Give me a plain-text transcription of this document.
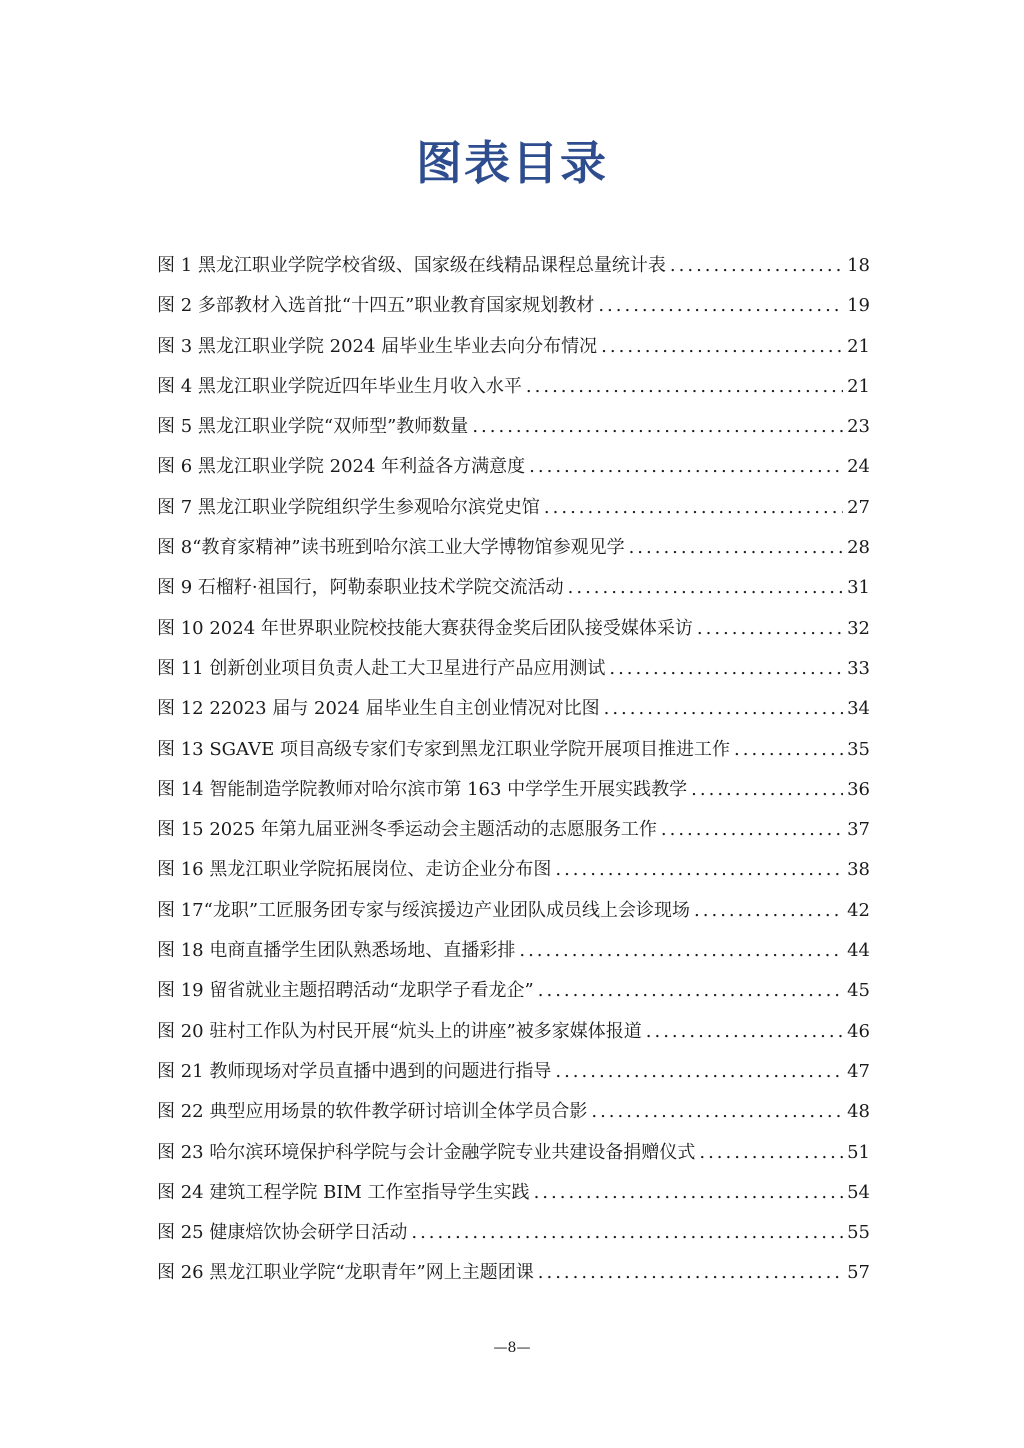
图表目录
图 1 黑龙江职业学院学校省级、国家级在线精品课程总量统计表 .....	18
图 2 多部教材入选首批“十四五”职业教育国家规划教材 .....	19
图 3 黑龙江职业学院 2024 届毕业生毕业去向分布情况 .....	21
图 4 黑龙江职业学院近四年毕业生月收入水平 .....	21
图 5 黑龙江职业学院“双师型”教师数量 .....	23
图 6 黑龙江职业学院 2024 年利益各方满意度 .....	24
图 7 黑龙江职业学院组织学生参观哈尔滨党史馆 .....	27
图 8“教育家精神”读书班到哈尔滨工业大学博物馆参观见学 .....	28
图 9 石榴籽·祖国行，阿勒泰职业技术学院交流活动 .....	31
图 10 2024 年世界职业院校技能大赛获得金奖后团队接受媒体采访 .....	32
图 11 创新创业项目负责人赴工大卫星进行产品应用测试 .....	33
图 12 22023 届与 2024 届毕业生自主创业情况对比图 .....	34
图 13 SGAVE 项目高级专家们专家到黑龙江职业学院开展项目推进工作 .....	35
图 14 智能制造学院教师对哈尔滨市第 163 中学学生开展实践教学 .....	36
图 15 2025 年第九届亚洲冬季运动会主题活动的志愿服务工作 .....	37
图 16 黑龙江职业学院拓展岗位、走访企业分布图 .....	38
图 17“龙职”工匠服务团专家与绥滨援边产业团队成员线上会诊现场 .....	42
图 18 电商直播学生团队熟悉场地、直播彩排 .....	44
图 19 留省就业主题招聘活动“龙职学子看龙企” .....	45
图 20 驻村工作队为村民开展“炕头上的讲座”被多家媒体报道 .....	46
图 21 教师现场对学员直播中遇到的问题进行指导 .....	47
图 22 典型应用场景的软件教学研讨培训全体学员合影 .....	48
图 23 哈尔滨环境保护科学院与会计金融学院专业共建设备捐赠仪式 .....	51
图 24 建筑工程学院 BIM 工作室指导学生实践 .....	54
图 25 健康焙饮协会研学日活动 .....	55
图 26 黑龙江职业学院“龙职青年”网上主题团课 .....	57
—8—
